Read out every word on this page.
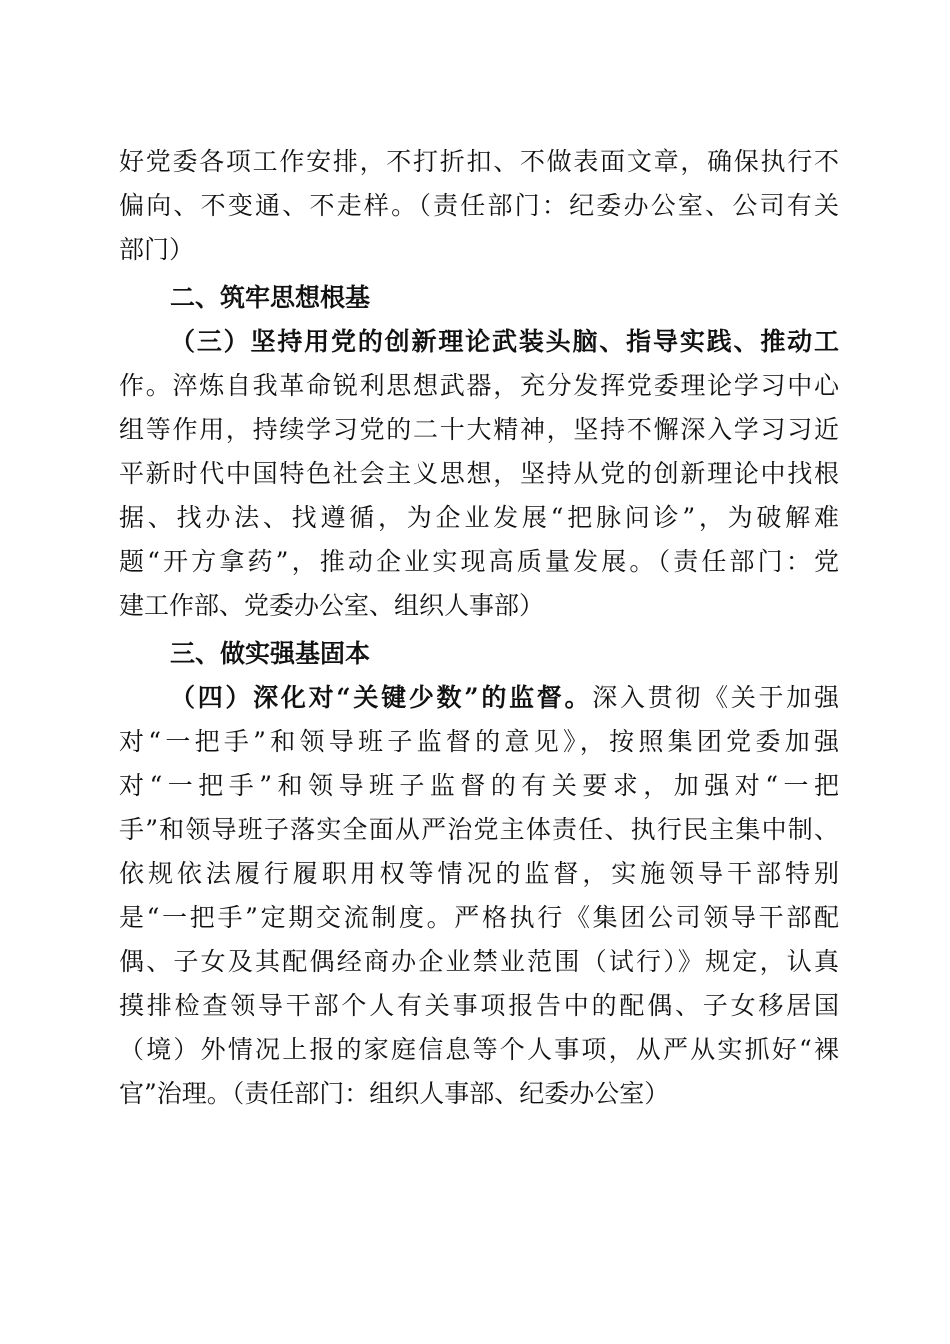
好党委各项工作安排，不打折扣、不做表面文章，确保执行不
偏向、不变通、不走样。（责任部门：纪委办公室、公司有关
部门）
二、筑牢思想根基
（三）坚持用党的创新理论武装头脑、指导实践、推动工
作。淬炼自我革命锐利思想武器，充分发挥党委理论学习中心
组等作用，持续学习党的二十大精神，坚持不懈深入学习习近
平新时代中国特色社会主义思想，坚持从党的创新理论中找根
据、找办法、找遵循，为企业发展“把脉问诊”，为破解难
题“开方拿药”，推动企业实现高质量发展。（责任部门：党
建工作部、党委办公室、组织人事部）
三、做实强基固本
（四）深化对“关键少数”的监督。深入贯彻《关于加强
对“一把手”和领导班子监督的意见》，按照集团党委加强
对“一把手”和领导班子监督的有关要求，加强对“一把
手”和领导班子落实全面从严治党主体责任、执行民主集中制、
依规依法履行履职用权等情况的监督，实施领导干部特别
是“一把手”定期交流制度。严格执行《集团公司领导干部配
偶、子女及其配偶经商办企业禁业范围（试行）》规定，认真
摸排检查领导干部个人有关事项报告中的配偶、子女移居国
（境）外情况上报的家庭信息等个人事项，从严从实抓好“裸
官”治理。（责任部门：组织人事部、纪委办公室）
